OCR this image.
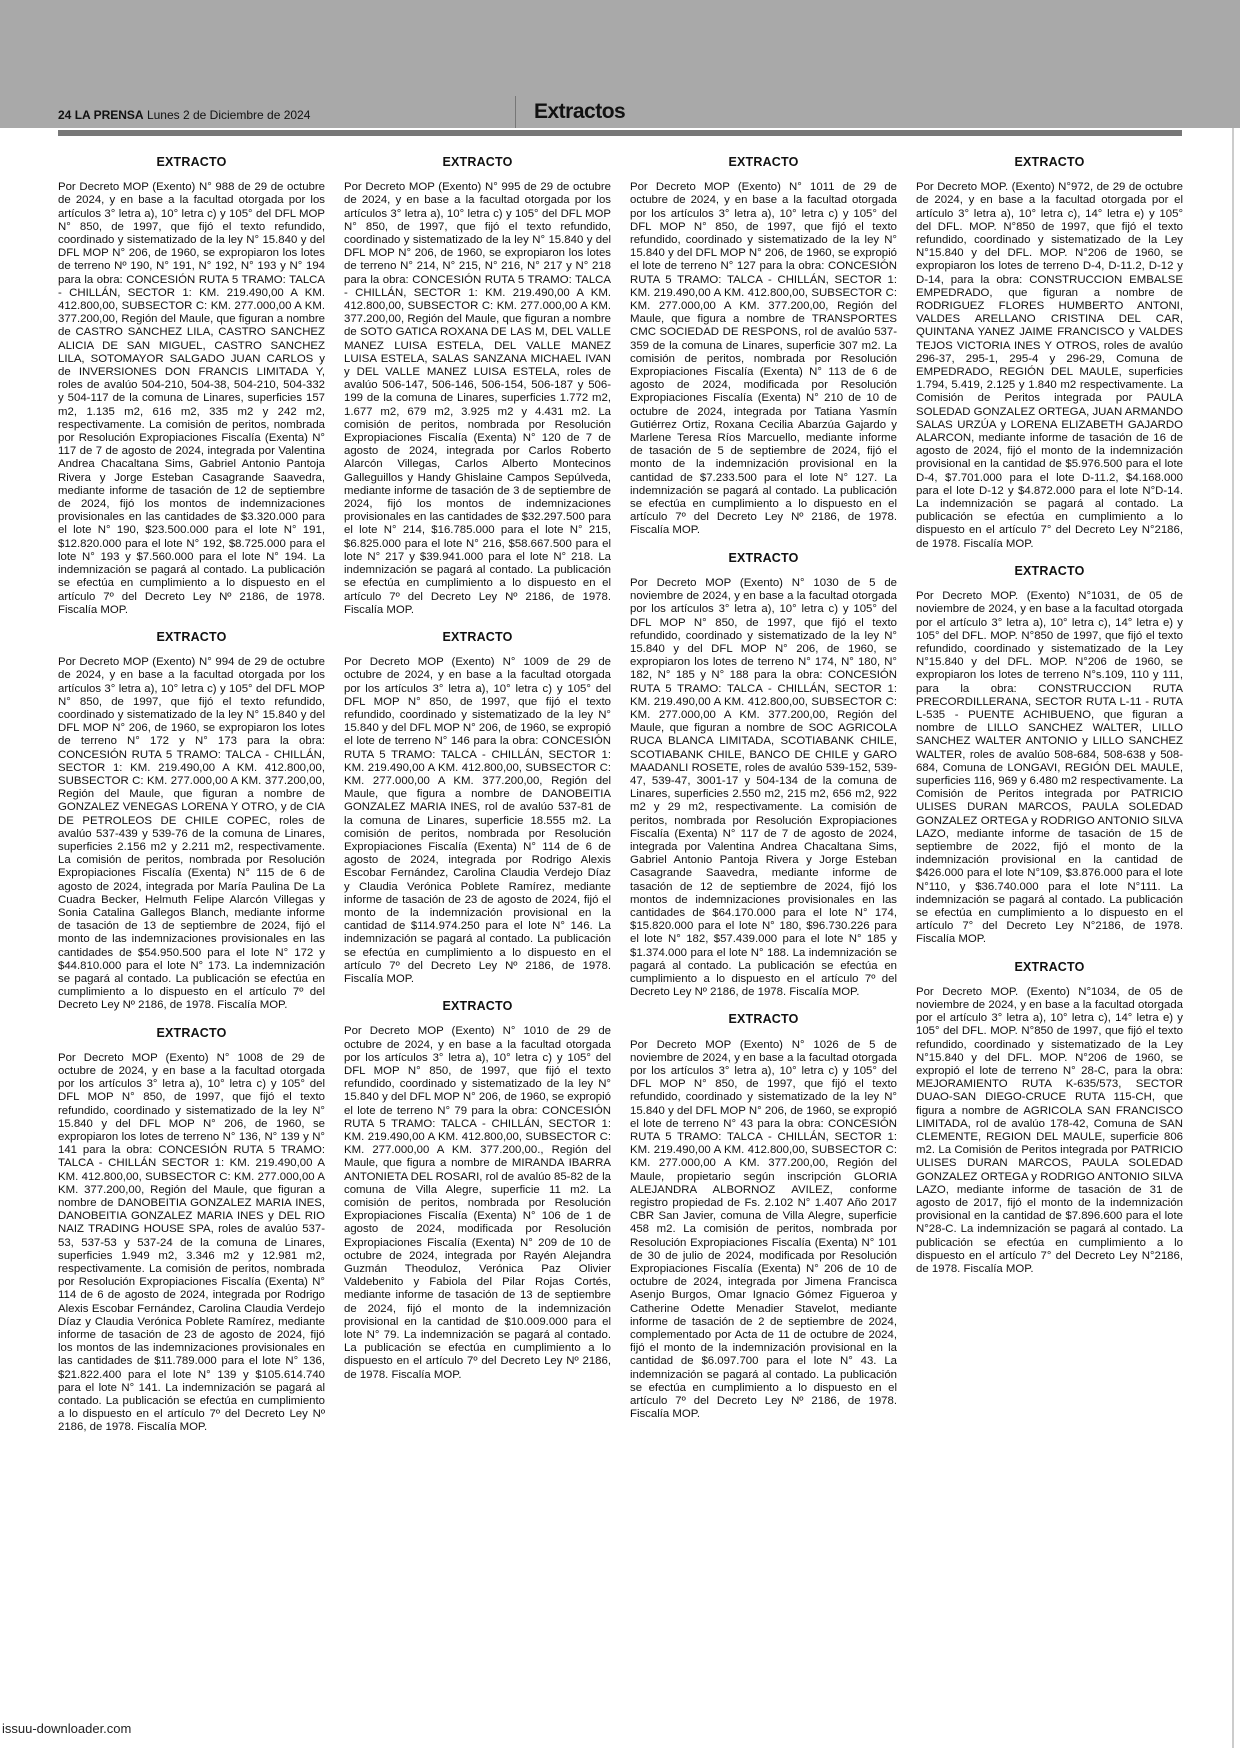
24 LA PRENSA Lunes 2 de Diciembre de 2024	Extractos
EXTRACTO

Por Decreto MOP (Exento) N° 988 de 29 de octubre de 2024, y en base a la facultad otorgada por los artículos 3° letra a), 10° letra c) y 105° del DFL MOP N° 850, de 1997, que fijó el texto refundido, coordinado y sistematizado de la ley N° 15.840 y del DFL MOP N° 206, de 1960, se expropiaron los lotes de terreno Nº 190, N° 191, N° 192, N° 193 y N° 194 para la obra: CONCESIÓN RUTA 5 TRAMO: TALCA - CHILLÁN, SECTOR 1: KM. 219.490,00 A KM. 412.800,00, SUBSECTOR C: KM. 277.000,00 A KM. 377.200,00, Región del Maule, que figuran a nombre de CASTRO SANCHEZ LILA, CASTRO SANCHEZ ALICIA DE SAN MIGUEL, CASTRO SANCHEZ LILA, SOTOMAYOR SALGADO JUAN CARLOS y de INVERSIONES DON FRANCIS LIMITADA Y, roles de avalúo 504-210, 504-38, 504-210, 504-332 y 504-117 de la comuna de Linares, superficies 157 m2, 1.135 m2, 616 m2, 335 m2 y 242 m2, respectivamente. La comisión de peritos, nombrada por Resolución Expropiaciones Fiscalía (Exenta) N° 117 de 7 de agosto de 2024, integrada por Valentina Andrea Chacaltana Sims, Gabriel Antonio Pantoja Rivera y Jorge Esteban Casagrande Saavedra, mediante informe de tasación de 12 de septiembre de 2024, fijó los montos de indemnizaciones provisionales en las cantidades de $3.320.000 para el lote N° 190, $23.500.000 para el lote N° 191, $12.820.000 para el lote N° 192, $8.725.000 para el lote N° 193 y $7.560.000 para el lote N° 194. La indemnización se pagará al contado. La publicación se efectúa en cumplimiento a lo dispuesto en el artículo 7º del Decreto Ley Nº 2186, de 1978. Fiscalía MOP.

EXTRACTO

Por Decreto MOP (Exento) N° 994 de 29 de octubre de 2024, y en base a la facultad otorgada por los artículos 3° letra a), 10° letra c) y 105° del DFL MOP N° 850, de 1997, que fijó el texto refundido, coordinado y sistematizado de la ley N° 15.840 y del DFL MOP N° 206, de 1960, se expropiaron los lotes de terreno N° 172 y N° 173 para la obra: CONCESIÓN RUTA 5 TRAMO: TALCA - CHILLÁN, SECTOR 1: KM. 219.490,00 A KM. 412.800,00, SUBSECTOR C: KM. 277.000,00 A KM. 377.200,00, Región del Maule, que figuran a nombre de GONZALEZ VENEGAS LORENA Y OTRO, y de CIA DE PETROLEOS DE CHILE COPEC, roles de avalúo 537-439 y 539-76 de la comuna de Linares, superficies 2.156 m2 y 2.211 m2, respectivamente. La comisión de peritos, nombrada por Resolución Expropiaciones Fiscalía (Exenta) N° 115 de 6 de agosto de 2024, integrada por María Paulina De La Cuadra Becker, Helmuth Felipe Alarcón Villegas y Sonia Catalina Gallegos Blanch, mediante informe de tasación de 13 de septiembre de 2024, fijó el monto de las indemnizaciones provisionales en las cantidades de $54.950.500 para el lote N° 172 y $44.810.000 para el lote N° 173. La indemnización se pagará al contado. La publicación se efectúa en cumplimiento a lo dispuesto en el artículo 7º del Decreto Ley Nº 2186, de 1978. Fiscalía MOP.

EXTRACTO

Por Decreto MOP (Exento) N° 1008 de 29 de octubre de 2024, y en base a la facultad otorgada por los artículos 3° letra a), 10° letra c) y 105° del DFL MOP N° 850, de 1997, que fijó el texto refundido, coordinado y sistematizado de la ley N° 15.840 y del DFL MOP N° 206, de 1960, se expropiaron los lotes de terreno N° 136, N° 139 y N° 141 para la obra: CONCESIÓN RUTA 5 TRAMO: TALCA - CHILLÁN SECTOR 1: KM. 219.490,00 A KM. 412.800,00, SUBSECTOR C: KM. 277.000,00 A KM. 377.200,00, Región del Maule, que figuran a nombre de DANOBEITIA GONZALEZ MARIA INES, DANOBEITIA GONZALEZ MARIA INES y DEL RIO NAIZ TRADING HOUSE SPA, roles de avalúo 537-53, 537-53 y 537-24 de la comuna de Linares, superficies 1.949 m2, 3.346 m2 y 12.981 m2, respectivamente. La comisión de peritos, nombrada por Resolución Expropiaciones Fiscalía (Exenta) N° 114 de 6 de agosto de 2024, integrada por Rodrigo Alexis Escobar Fernández, Carolina Claudia Verdejo Díaz y Claudia Verónica Poblete Ramírez, mediante informe de tasación de 23 de agosto de 2024, fijó los montos de las indemnizaciones provisionales en las cantidades de $11.789.000 para el lote N° 136, $21.822.400 para el lote N° 139 y $105.614.740 para el lote N° 141. La indemnización se pagará al contado. La publicación se efectúa en cumplimiento a lo dispuesto en el artículo 7º del Decreto Ley Nº 2186, de 1978. Fiscalía MOP.

EXTRACTO

Por Decreto MOP (Exento) N° 995 de 29 de octubre de 2024, y en base a la facultad otorgada por los artículos 3° letra a), 10° letra c) y 105° del DFL MOP N° 850, de 1997, que fijó el texto refundido, coordinado y sistematizado de la ley N° 15.840 y del DFL MOP N° 206, de 1960, se expropiaron los lotes de terreno N° 214, N° 215, N° 216, N° 217 y N° 218 para la obra: CONCESIÓN RUTA 5 TRAMO: TALCA - CHILLÁN, SECTOR 1: KM. 219.490,00 A KM. 412.800,00, SUBSECTOR C: KM. 277.000,00 A KM. 377.200,00, Región del Maule, que figuran a nombre de SOTO GATICA ROXANA DE LAS M, DEL VALLE MANEZ LUISA ESTELA, DEL VALLE MANEZ LUISA ESTELA, SALAS SANZANA MICHAEL IVAN y DEL VALLE MANEZ LUISA ESTELA, roles de avalúo 506-147, 506-146, 506-154, 506-187 y 506-199 de la comuna de Linares, superficies 1.772 m2, 1.677 m2, 679 m2, 3.925 m2 y 4.431 m2. La comisión de peritos, nombrada por Resolución Expropiaciones Fiscalía (Exenta) N° 120 de 7 de agosto de 2024, integrada por Carlos Roberto Alarcón Villegas, Carlos Alberto Montecinos Galleguillos y Handy Ghislaine Campos Sepúlveda, mediante informe de tasación de 3 de septiembre de 2024, fijó los montos de indemnizaciones provisionales en las cantidades de $32.297.500 para el lote N° 214, $16.785.000 para el lote N° 215, $6.825.000 para el lote N° 216, $58.667.500 para el lote N° 217 y $39.941.000 para el lote N° 218. La indemnización se pagará al contado. La publicación se efectúa en cumplimiento a lo dispuesto en el artículo 7º del Decreto Ley Nº 2186, de 1978. Fiscalía MOP.

EXTRACTO

Por Decreto MOP (Exento) N° 1009 de 29 de octubre de 2024, y en base a la facultad otorgada por los artículos 3° letra a), 10° letra c) y 105° del DFL MOP N° 850, de 1997, que fijó el texto refundido, coordinado y sistematizado de la ley N° 15.840 y del DFL MOP N° 206, de 1960, se expropió el lote de terreno N° 146 para la obra: CONCESIÓN RUTA 5 TRAMO: TALCA - CHILLÁN, SECTOR 1: KM. 219.490,00 A KM. 412.800,00, SUBSECTOR C: KM. 277.000,00 A KM. 377.200,00, Región del Maule, que figura a nombre de DANOBEITIA GONZALEZ MARIA INES, rol de avalúo 537-81 de la comuna de Linares, superficie 18.555 m2. La comisión de peritos, nombrada por Resolución Expropiaciones Fiscalía (Exenta) N° 114 de 6 de agosto de 2024, integrada por Rodrigo Alexis Escobar Fernández, Carolina Claudia Verdejo Díaz y Claudia Verónica Poblete Ramírez, mediante informe de tasación de 23 de agosto de 2024, fijó el monto de la indemnización provisional en la cantidad de $114.974.250 para el lote N° 146. La indemnización se pagará al contado. La publicación se efectúa en cumplimiento a lo dispuesto en el artículo 7º del Decreto Ley Nº 2186, de 1978. Fiscalía MOP.

EXTRACTO

Por Decreto MOP (Exento) N° 1010 de 29 de octubre de 2024, y en base a la facultad otorgada por los artículos 3° letra a), 10° letra c) y 105° del DFL MOP N° 850, de 1997, que fijó el texto refundido, coordinado y sistematizado de la ley N° 15.840 y del DFL MOP N° 206, de 1960, se expropió el lote de terreno N° 79 para la obra: CONCESIÓN RUTA 5 TRAMO: TALCA - CHILLÁN, SECTOR 1: KM. 219.490,00 A KM. 412.800,00, SUBSECTOR C: KM. 277.000,00 A KM. 377.200,00., Región del Maule, que figura a nombre de MIRANDA IBARRA ANTONIETA DEL ROSARI, rol de avalúo 85-82 de la comuna de Villa Alegre, superficie 11 m2. La comisión de peritos, nombrada por Resolución Expropiaciones Fiscalía (Exenta) N° 106 de 1 de agosto de 2024, modificada por Resolución Expropiaciones Fiscalía (Exenta) N° 209 de 10 de octubre de 2024, integrada por Rayén Alejandra Guzmán Theoduloz, Verónica Paz Olivier Valdebenito y Fabiola del Pilar Rojas Cortés, mediante informe de tasación de 13 de septiembre de 2024, fijó el monto de la indemnización provisional en la cantidad de $10.009.000 para el lote N° 79. La indemnización se pagará al contado. La publicación se efectúa en cumplimiento a lo dispuesto en el artículo 7º del Decreto Ley Nº 2186, de 1978. Fiscalía MOP.

EXTRACTO

Por Decreto MOP (Exento) N° 1011 de 29 de octubre de 2024, y en base a la facultad otorgada por los artículos 3° letra a), 10° letra c) y 105° del DFL MOP N° 850, de 1997, que fijó el texto refundido, coordinado y sistematizado de la ley N° 15.840 y del DFL MOP N° 206, de 1960, se expropió el lote de terreno N° 127 para la obra: CONCESIÓN RUTA 5 TRAMO: TALCA - CHILLÁN, SECTOR 1: KM. 219.490,00 A KM. 412.800,00, SUBSECTOR C: KM. 277.000,00 A KM. 377.200,00, Región del Maule, que figura a nombre de TRANSPORTES CMC SOCIEDAD DE RESPONS, rol de avalúo 537-359 de la comuna de Linares, superficie 307 m2. La comisión de peritos, nombrada por Resolución Expropiaciones Fiscalía (Exenta) N° 113 de 6 de agosto de 2024, modificada por Resolución Expropiaciones Fiscalía (Exenta) N° 210 de 10 de octubre de 2024, integrada por Tatiana Yasmín Gutiérrez Ortiz, Roxana Cecilia Abarzúa Gajardo y Marlene Teresa Ríos Marcuello, mediante informe de tasación de 5 de septiembre de 2024, fijó el monto de la indemnización provisional en la cantidad de $7.233.500 para el lote N° 127. La indemnización se pagará al contado. La publicación se efectúa en cumplimiento a lo dispuesto en el artículo 7º del Decreto Ley Nº 2186, de 1978. Fiscalía MOP.

EXTRACTO

Por Decreto MOP (Exento) N° 1030 de 5 de noviembre de 2024, y en base a la facultad otorgada por los artículos 3° letra a), 10° letra c) y 105° del DFL MOP N° 850, de 1997, que fijó el texto refundido, coordinado y sistematizado de la ley N° 15.840 y del DFL MOP N° 206, de 1960, se expropiaron los lotes de terreno N° 174, N° 180, N° 182, N° 185 y N° 188 para la obra: CONCESIÓN RUTA 5 TRAMO: TALCA - CHILLÁN, SECTOR 1: KM. 219.490,00 A KM. 412.800,00, SUBSECTOR C: KM. 277.000,00 A KM. 377.200,00, Región del Maule, que figuran a nombre de SOC AGRICOLA RUCA BLANCA LIMITADA, SCOTIABANK CHILE, SCOTIABANK CHILE, BANCO DE CHILE y GARO MAADANLI ROSETE, roles de avalúo 539-152, 539-47, 539-47, 3001-17 y 504-134 de la comuna de Linares, superficies 2.550 m2, 215 m2, 656 m2, 922 m2 y 29 m2, respectivamente. La comisión de peritos, nombrada por Resolución Expropiaciones Fiscalía (Exenta) N° 117 de 7 de agosto de 2024, integrada por Valentina Andrea Chacaltana Sims, Gabriel Antonio Pantoja Rivera y Jorge Esteban Casagrande Saavedra, mediante informe de tasación de 12 de septiembre de 2024, fijó los montos de indemnizaciones provisionales en las cantidades de $64.170.000 para el lote N° 174, $15.820.000 para el lote N° 180, $96.730.226 para el lote N° 182, $57.439.000 para el lote N° 185 y $1.374.000 para el lote N° 188. La indemnización se pagará al contado. La publicación se efectúa en cumplimiento a lo dispuesto en el artículo 7º del Decreto Ley Nº 2186, de 1978. Fiscalía MOP.

EXTRACTO

Por Decreto MOP (Exento) N° 1026 de 5 de noviembre de 2024, y en base a la facultad otorgada por los artículos 3° letra a), 10° letra c) y 105° del DFL MOP N° 850, de 1997, que fijó el texto refundido, coordinado y sistematizado de la ley N° 15.840 y del DFL MOP N° 206, de 1960, se expropió el lote de terreno N° 43 para la obra: CONCESIÓN RUTA 5 TRAMO: TALCA - CHILLÁN, SECTOR 1: KM. 219.490,00 A KM. 412.800,00, SUBSECTOR C: KM. 277.000,00 A KM. 377.200,00, Región del Maule, propietario según inscripción GLORIA ALEJANDRA ALBORNOZ AVILEZ, conforme registro propiedad de Fs. 2.102 N° 1.407 Año 2017 CBR San Javier, comuna de Villa Alegre, superficie 458 m2. La comisión de peritos, nombrada por Resolución Expropiaciones Fiscalía (Exenta) N° 101 de 30 de julio de 2024, modificada por Resolución Expropiaciones Fiscalía (Exenta) N° 206 de 10 de octubre de 2024, integrada por Jimena Francisca Asenjo Burgos, Omar Ignacio Gómez Figueroa y Catherine Odette Menadier Stavelot, mediante informe de tasación de 2 de septiembre de 2024, complementado por Acta de 11 de octubre de 2024, fijó el monto de la indemnización provisional en la cantidad de $6.097.700 para el lote N° 43. La indemnización se pagará al contado. La publicación se efectúa en cumplimiento a lo dispuesto en el artículo 7º del Decreto Ley Nº 2186, de 1978. Fiscalía MOP.

EXTRACTO

Por Decreto MOP. (Exento) N°972, de 29 de octubre de 2024, y en base a la facultad otorgada por el artículo 3° letra a), 10° letra c), 14° letra e) y 105° del DFL. MOP. N°850 de 1997, que fijó el texto refundido, coordinado y sistematizado de la Ley N°15.840 y del DFL. MOP. N°206 de 1960, se expropiaron los lotes de terreno D-4, D-11.2, D-12 y D-14, para la obra: CONSTRUCCION EMBALSE EMPEDRADO, que figuran a nombre de RODRIGUEZ FLORES HUMBERTO ANTONI, VALDES ARELLANO CRISTINA DEL CAR, QUINTANA YANEZ JAIME FRANCISCO y VALDES TEJOS VICTORIA INES Y OTROS, roles de avalúo 296-37, 295-1, 295-4 y 296-29, Comuna de EMPEDRADO, REGIÓN DEL MAULE, superficies 1.794, 5.419, 2.125 y 1.840 m2 respectivamente. La Comisión de Peritos integrada por PAULA SOLEDAD GONZALEZ ORTEGA, JUAN ARMANDO SALAS URZÚA y LORENA ELIZABETH GAJARDO ALARCON, mediante informe de tasación de 16 de agosto de 2024, fijó el monto de la indemnización provisional en la cantidad de $5.976.500 para el lote D-4, $7.701.000 para el lote D-11.2, $4.168.000 para el lote D-12 y $4.872.000 para el lote N°D-14. La indemnización se pagará al contado. La publicación se efectúa en cumplimiento a lo dispuesto en el artículo 7° del Decreto Ley N°2186, de 1978. Fiscalía MOP.

EXTRACTO

Por Decreto MOP. (Exento) N°1031, de 05 de noviembre de 2024, y en base a la facultad otorgada por el artículo 3° letra a), 10° letra c), 14° letra e) y 105° del DFL. MOP. N°850 de 1997, que fijó el texto refundido, coordinado y sistematizado de la Ley N°15.840 y del DFL. MOP. N°206 de 1960, se expropiaron los lotes de terreno N°s.109, 110 y 111, para la obra: CONSTRUCCION RUTA PRECORDILLERANA, SECTOR RUTA L-11 - RUTA L-535 - PUENTE ACHIBUENO, que figuran a nombre de LILLO SANCHEZ WALTER, LILLO SANCHEZ WALTER ANTONIO y LILLO SANCHEZ WALTER, roles de avalúo 508-684, 508-638 y 508-684, Comuna de LONGAVI, REGIÓN DEL MAULE, superficies 116, 969 y 6.480 m2 respectivamente. La Comisión de Peritos integrada por PATRICIO ULISES DURAN MARCOS, PAULA SOLEDAD GONZALEZ ORTEGA y RODRIGO ANTONIO SILVA LAZO, mediante informe de tasación de 15 de septiembre de 2022, fijó el monto de la indemnización provisional en la cantidad de $426.000 para el lote N°109, $3.876.000 para el lote N°110, y $36.740.000 para el lote N°111. La indemnización se pagará al contado. La publicación se efectúa en cumplimiento a lo dispuesto en el artículo 7° del Decreto Ley N°2186, de 1978. Fiscalía MOP.

EXTRACTO

Por Decreto MOP. (Exento) N°1034, de 05 de noviembre de 2024, y en base a la facultad otorgada por el artículo 3° letra a), 10° letra c), 14° letra e) y 105° del DFL. MOP. N°850 de 1997, que fijó el texto refundido, coordinado y sistematizado de la Ley N°15.840 y del DFL. MOP. N°206 de 1960, se expropió el lote de terreno N° 28-C, para la obra: MEJORAMIENTO RUTA K-635/573, SECTOR DUAO-SAN DIEGO-CRUCE RUTA 115-CH, que figura a nombre de AGRICOLA SAN FRANCISCO LIMITADA, rol de avalúo 178-42, Comuna de SAN CLEMENTE, REGION DEL MAULE, superficie 806 m2. La Comisión de Peritos integrada por PATRICIO ULISES DURAN MARCOS, PAULA SOLEDAD GONZALEZ ORTEGA y RODRIGO ANTONIO SILVA LAZO, mediante informe de tasación de 31 de agosto de 2017, fijó el monto de la indemnización provisional en la cantidad de $7.896.600 para el lote N°28-C. La indemnización se pagará al contado. La publicación se efectúa en cumplimiento a lo dispuesto en el artículo 7° del Decreto Ley N°2186, de 1978. Fiscalía MOP.

issuu-downloader.com
